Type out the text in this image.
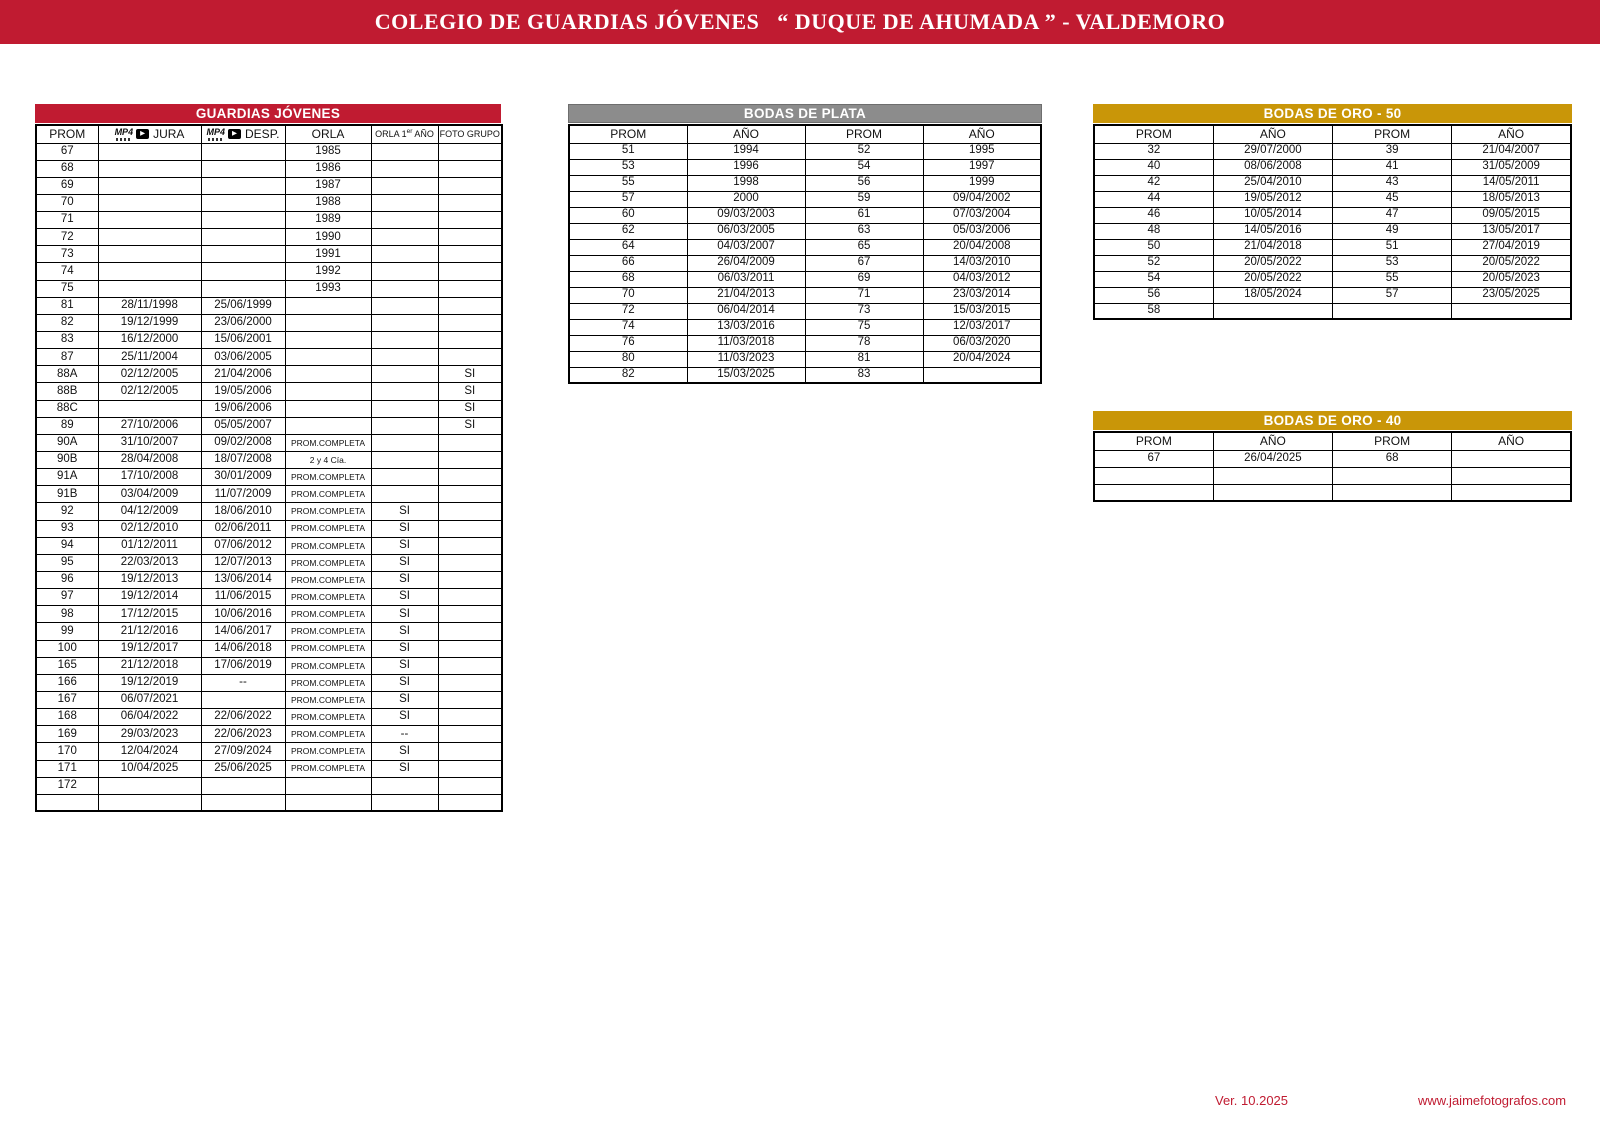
COLEGIO DE GUARDIAS JÓVENES   “ DUQUE DE AHUMADA ” - VALDEMORO
GUARDIAS JÓVENES
PROM	MP4 ▶ JURA	MP4 ▶ DESP.	ORLA	ORLA 1er AÑO	FOTO GRUPO
67			1985		
68			1986		
69			1987		
70			1988		
71			1989		
72			1990		
73			1991		
74			1992		
75			1993		
81	28/11/1998	25/06/1999			
82	19/12/1999	23/06/2000			
83	16/12/2000	15/06/2001			
87	25/11/2004	03/06/2005			
88A	02/12/2005	21/04/2006			SI
88B	02/12/2005	19/05/2006			SI
88C		19/06/2006			SI
89	27/10/2006	05/05/2007			SI
90A	31/10/2007	09/02/2008	PROM.COMPLETA		
90B	28/04/2008	18/07/2008	2 y 4 Cía.		
91A	17/10/2008	30/01/2009	PROM.COMPLETA		
91B	03/04/2009	11/07/2009	PROM.COMPLETA		
92	04/12/2009	18/06/2010	PROM.COMPLETA	SI	
93	02/12/2010	02/06/2011	PROM.COMPLETA	SI	
94	01/12/2011	07/06/2012	PROM.COMPLETA	SI	
95	22/03/2013	12/07/2013	PROM.COMPLETA	SI	
96	19/12/2013	13/06/2014	PROM.COMPLETA	SI	
97	19/12/2014	11/06/2015	PROM.COMPLETA	SI	
98	17/12/2015	10/06/2016	PROM.COMPLETA	SI	
99	21/12/2016	14/06/2017	PROM.COMPLETA	SI	
100	19/12/2017	14/06/2018	PROM.COMPLETA	SI	
165	21/12/2018	17/06/2019	PROM.COMPLETA	SI	
166	19/12/2019	--	PROM.COMPLETA	SI	
167	06/07/2021		PROM.COMPLETA	SI	
168	06/04/2022	22/06/2022	PROM.COMPLETA	SI	
169	29/03/2023	22/06/2023	PROM.COMPLETA	--	
170	12/04/2024	27/09/2024	PROM.COMPLETA	SI	
171	10/04/2025	25/06/2025	PROM.COMPLETA	SI	
172					

BODAS DE PLATA
PROM	AÑO	PROM	AÑO
51	1994	52	1995
53	1996	54	1997
55	1998	56	1999
57	2000	59	09/04/2002
60	09/03/2003	61	07/03/2004
62	06/03/2005	63	05/03/2006
64	04/03/2007	65	20/04/2008
66	26/04/2009	67	14/03/2010
68	06/03/2011	69	04/03/2012
70	21/04/2013	71	23/03/2014
72	06/04/2014	73	15/03/2015
74	13/03/2016	75	12/03/2017
76	11/03/2018	78	06/03/2020
80	11/03/2023	81	20/04/2024
82	15/03/2025	83	
BODAS DE ORO - 50
PROM	AÑO	PROM	AÑO
32	29/07/2000	39	21/04/2007
40	08/06/2008	41	31/05/2009
42	25/04/2010	43	14/05/2011
44	19/05/2012	45	18/05/2013
46	10/05/2014	47	09/05/2015
48	14/05/2016	49	13/05/2017
50	21/04/2018	51	27/04/2019
52	20/05/2022	53	20/05/2022
54	20/05/2022	55	20/05/2023
56	18/05/2024	57	23/05/2025
58			
BODAS DE ORO - 40
PROM	AÑO	PROM	AÑO
67	26/04/2025	68	

Ver. 10.2025	www.jaimefotografos.com
